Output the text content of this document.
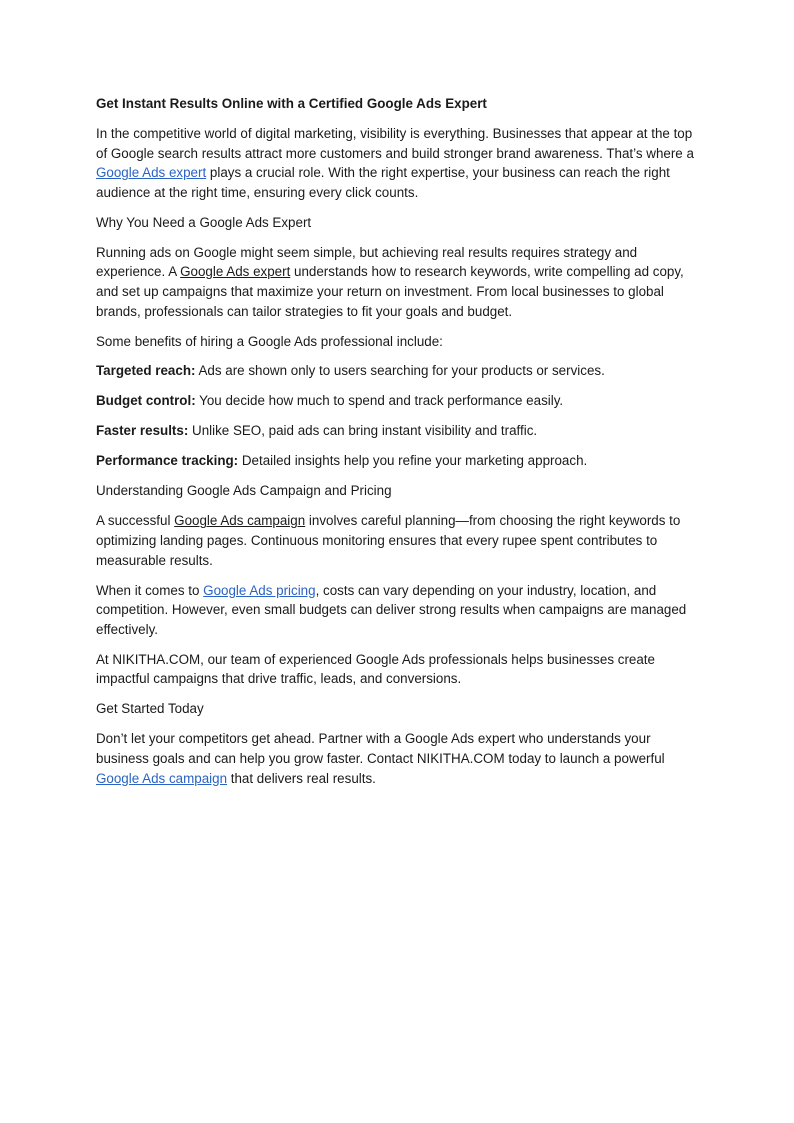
Get Instant Results Online with a Certified Google Ads Expert

In the competitive world of digital marketing, visibility is everything. Businesses that appear at the top of Google search results attract more customers and build stronger brand awareness. That’s where a Google Ads expert plays a crucial role. With the right expertise, your business can reach the right audience at the right time, ensuring every click counts.

Why You Need a Google Ads Expert

Running ads on Google might seem simple, but achieving real results requires strategy and experience. A Google Ads expert understands how to research keywords, write compelling ad copy, and set up campaigns that maximize your return on investment. From local businesses to global brands, professionals can tailor strategies to fit your goals and budget.

Some benefits of hiring a Google Ads professional include:

Targeted reach: Ads are shown only to users searching for your products or services.

Budget control: You decide how much to spend and track performance easily.

Faster results: Unlike SEO, paid ads can bring instant visibility and traffic.

Performance tracking: Detailed insights help you refine your marketing approach.

Understanding Google Ads Campaign and Pricing

A successful Google Ads campaign involves careful planning—from choosing the right keywords to optimizing landing pages. Continuous monitoring ensures that every rupee spent contributes to measurable results.

When it comes to Google Ads pricing, costs can vary depending on your industry, location, and competition. However, even small budgets can deliver strong results when campaigns are managed effectively.

At NIKITHA.COM, our team of experienced Google Ads professionals helps businesses create impactful campaigns that drive traffic, leads, and conversions.

Get Started Today

Don’t let your competitors get ahead. Partner with a Google Ads expert who understands your business goals and can help you grow faster. Contact NIKITHA.COM today to launch a powerful Google Ads campaign that delivers real results.
